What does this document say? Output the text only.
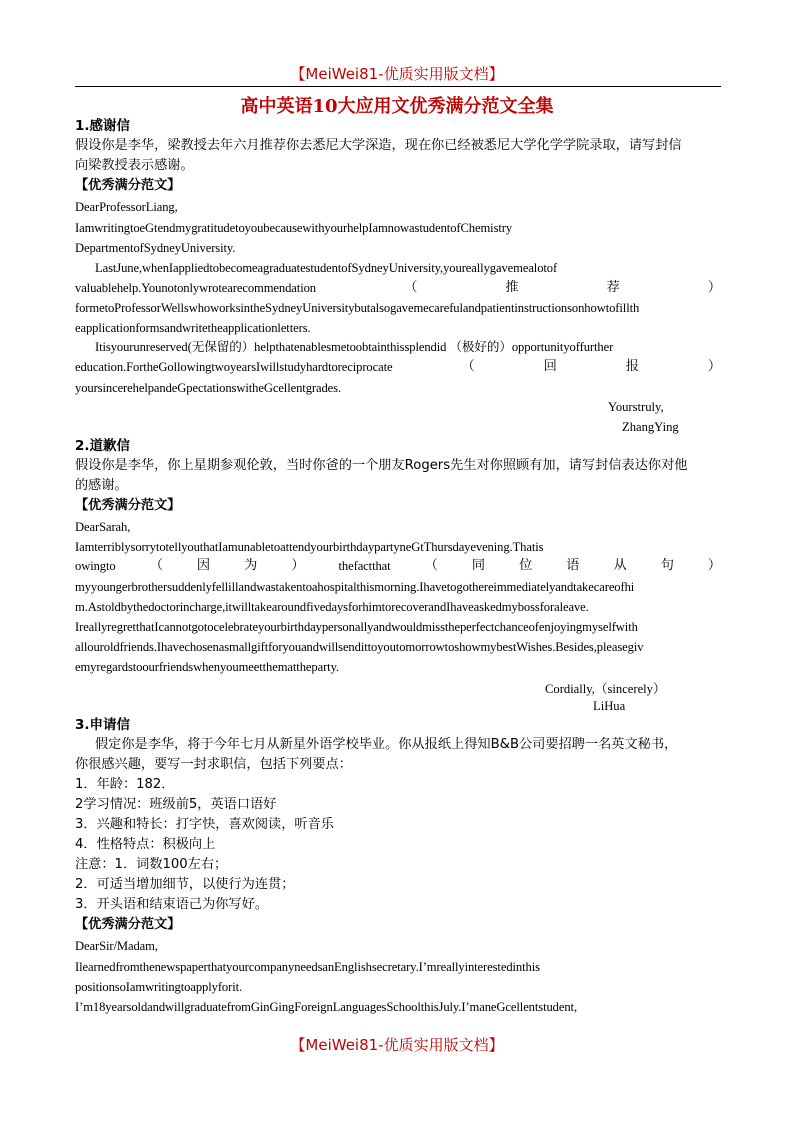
【MeiWei81-优质实用版文档】
高中英语10大应用文优秀满分范文全集
1.感谢信
假设你是李华，梁教授去年六月推荐你去悉尼大学深造，现在你已经被悉尼大学化学学院录取，请写封信
向梁教授表示感谢。
【优秀满分范文】
DearProfessorLiang,
IamwritingtoeGtendmygratitudetoyoubecausewithyourhelpIamnowastudentofChemistry
DepartmentofSydneyUniversity.
LastJune,whenIappliedtobecomeagraduatestudentofSydneyUniversity,youreallygavemealotof
valuablehelp.Younotonlywrotearecommendation	（	推	荐	）
formetoProfessorWellswhoworksintheSydneyUniversitybutalsogavemecarefulandpatientinstructionsonhowtofillth
eapplicationformsandwritetheapplicationletters.
Itisyourunreserved(无保留的）helpthatenablesmetoobtainthissplendid （极好的）opportunityoffurther
education.FortheGollowingtwoyearsIwillstudyhardtoreciprocate	（	回	报	）
yoursincerehelpandeGpectationswitheGcellentgrades.
Yourstruly,
ZhangYing
2.道歉信
假设你是李华，你上星期参观伦敦，当时你爸的一个朋友Rogers先生对你照顾有加，请写封信表达你对他
的感谢。
【优秀满分范文】
DearSarah,
IamterriblysorrytotellyouthatIamunabletoattendyourbirthdaypartyneGtThursdayevening.Thatis
owingto	（	因	为	）	thefactthat	（	同	位	语	从	句	）
myyoungerbrothersuddenlyfellillandwastakentoahospitalthismorning.Ihavetogothereimmediatelyandtakecareofhi
m.Astoldbythedoctorincharge,itwilltakearoundfivedaysforhimtorecoverandIhaveaskedmybossforaleave.
IreallyregretthatIcannotgotocelebrateyourbirthdaypersonallyandwouldmisstheperfectchanceofenjoyingmyselfwith
allouroldfriends.IhavechosenasmallgiftforyouandwillsendittoyoutomorrowtoshowmybestWishes.Besides,pleasegiv
emyregardstoourfriendswhenyoumeetthemattheparty.
Cordially,（sincerely）
LiHua
3.申请信
假定你是李华，将于今年七月从新星外语学校毕业。你从报纸上得知B&B公司要招聘一名英文秘书，
你很感兴趣，要写一封求职信，包括下列要点：
1．年龄：182．
2学习情况：班级前5，英语口语好
3．兴趣和特长：打字快，喜欢阅读，听音乐
4．性格特点：积极向上
注意：1．词数100左右；
2．可适当增加细节，以使行为连贯；
3．开头语和结束语己为你写好。
【优秀满分范文】
DearSir/Madam,
IlearnedfromthenewspaperthatyourcompanyneedsanEnglishsecretary.I’mreallyinterestedinthis
positionsoIamwritingtoapplyforit.
I’m18yearsoldandwillgraduatefromGinGingForeignLanguagesSchoolthisJuly.I’maneGcellentstudent,
【MeiWei81-优质实用版文档】
